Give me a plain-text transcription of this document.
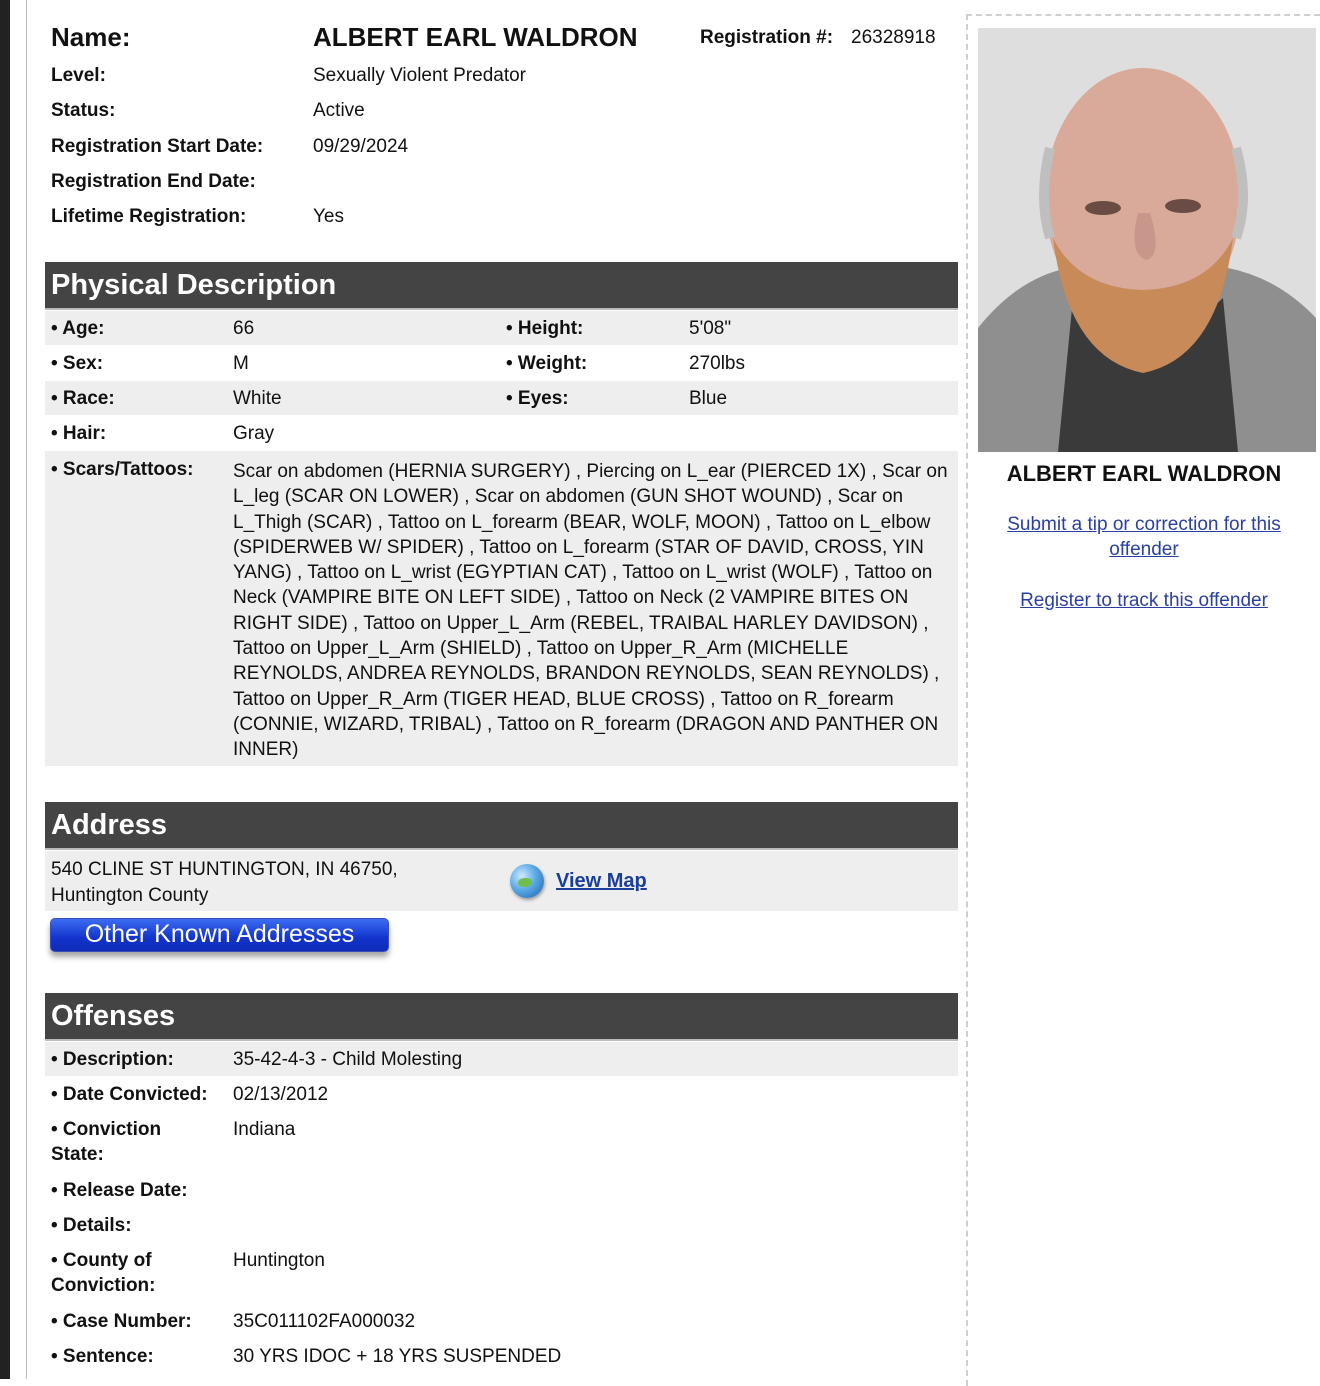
Name:	ALBERT EARL WALDRON	Registration #: 26328918
Level:	Sexually Violent Predator
Status:	Active
Registration Start Date:	09/29/2024
Registration End Date:
Lifetime Registration:	Yes
Physical Description
• Age:	66	• Height:	5'08"
• Sex:	M	• Weight:	270lbs
• Race:	White	• Eyes:	Blue
• Hair:	Gray
• Scars/Tattoos: Scar on abdomen (HERNIA SURGERY) , Piercing on L_ear (PIERCED 1X) , Scar on L_leg (SCAR ON LOWER) , Scar on abdomen (GUN SHOT WOUND) , Scar on L_Thigh (SCAR) , Tattoo on L_forearm (BEAR, WOLF, MOON) , Tattoo on L_elbow (SPIDERWEB W/ SPIDER) , Tattoo on L_forearm (STAR OF DAVID, CROSS, YIN YANG) , Tattoo on L_wrist (EGYPTIAN CAT) , Tattoo on L_wrist (WOLF) , Tattoo on Neck (VAMPIRE BITE ON LEFT SIDE) , Tattoo on Neck (2 VAMPIRE BITES ON RIGHT SIDE) , Tattoo on Upper_L_Arm (REBEL, TRAIBAL HARLEY DAVIDSON) , Tattoo on Upper_L_Arm (SHIELD) , Tattoo on Upper_R_Arm (MICHELLE REYNOLDS, ANDREA REYNOLDS, BRANDON REYNOLDS, SEAN REYNOLDS) , Tattoo on Upper_R_Arm (TIGER HEAD, BLUE CROSS) , Tattoo on R_forearm (CONNIE, WIZARD, TRIBAL) , Tattoo on R_forearm (DRAGON AND PANTHER ON INNER)
Address
540 CLINE ST HUNTINGTON, IN 46750,
Huntington County
View Map
Other Known Addresses
Offenses
• Description:	35-42-4-3 - Child Molesting
• Date Convicted: 02/13/2012
• Conviction
State:
Indiana
• Release Date:
• Details:
• County of
Conviction:
Huntington
• Case Number: 35C011102FA000032
• Sentence:	30 YRS IDOC + 18 YRS SUSPENDED
ALBERT EARL WALDRON
Submit a tip or correction for this
offender
Register to track this offender
